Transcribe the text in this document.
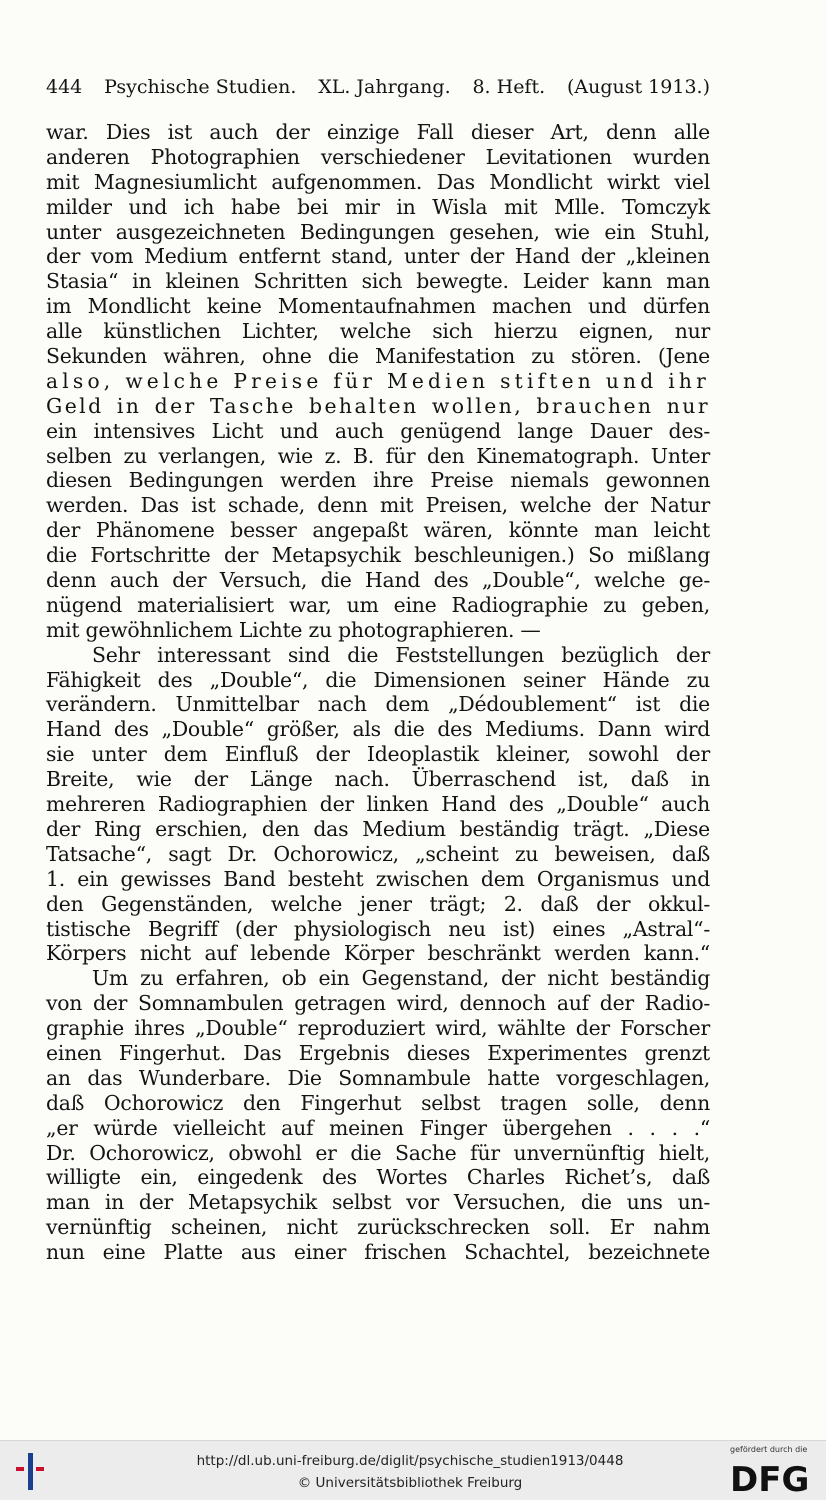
444 Psychische Studien. XL. Jahrgang. 8. Heft. (August 1913.)
war. Dies ist auch der einzige Fall dieser Art, denn alle
anderen Photographien verschiedener Levitationen wurden
mit Magnesiumlicht aufgenommen. Das Mondlicht wirkt viel
milder und ich habe bei mir in Wisla mit Mlle. Tomczyk
unter ausgezeichneten Bedingungen gesehen, wie ein Stuhl,
der vom Medium entfernt stand, unter der Hand der „kleinen
Stasia“ in kleinen Schritten sich bewegte. Leider kann man
im Mondlicht keine Momentaufnahmen machen und dürfen
alle künstlichen Lichter, welche sich hierzu eignen, nur
Sekunden währen, ohne die Manifestation zu stören. (Jene
also, welche Preise für Medien stiften und ihr
Geld in der Tasche behalten wollen, brauchen nur
ein intensives Licht und auch genügend lange Dauer des-
selben zu verlangen, wie z. B. für den Kinematograph. Unter
diesen Bedingungen werden ihre Preise niemals gewonnen
werden. Das ist schade, denn mit Preisen, welche der Natur
der Phänomene besser angepaßt wären, könnte man leicht
die Fortschritte der Metapsychik beschleunigen.) So mißlang
denn auch der Versuch, die Hand des „Double“, welche ge-
nügend materialisiert war, um eine Radiographie zu geben,
mit gewöhnlichem Lichte zu photographieren. —
Sehr interessant sind die Feststellungen bezüglich der
Fähigkeit des „Double“, die Dimensionen seiner Hände zu
verändern. Unmittelbar nach dem „Dédoublement“ ist die
Hand des „Double“ größer, als die des Mediums. Dann wird
sie unter dem Einfluß der Ideoplastik kleiner, sowohl der
Breite, wie der Länge nach. Überraschend ist, daß in
mehreren Radiographien der linken Hand des „Double“ auch
der Ring erschien, den das Medium beständig trägt. „Diese
Tatsache“, sagt Dr. Ochorowicz, „scheint zu beweisen, daß
1. ein gewisses Band besteht zwischen dem Organismus und
den Gegenständen, welche jener trägt; 2. daß der okkul-
tistische Begriff (der physiologisch neu ist) eines „Astral“-
Körpers nicht auf lebende Körper beschränkt werden kann.“
Um zu erfahren, ob ein Gegenstand, der nicht beständig
von der Somnambulen getragen wird, dennoch auf der Radio-
graphie ihres „Double“ reproduziert wird, wählte der Forscher
einen Fingerhut. Das Ergebnis dieses Experimentes grenzt
an das Wunderbare. Die Somnambule hatte vorgeschlagen,
daß Ochorowicz den Fingerhut selbst tragen solle, denn
„er würde vielleicht auf meinen Finger übergehen . . . .“
Dr. Ochorowicz, obwohl er die Sache für unvernünftig hielt,
willigte ein, eingedenk des Wortes Charles Richet’s, daß
man in der Metapsychik selbst vor Versuchen, die uns un-
vernünftig scheinen, nicht zurückschrecken soll. Er nahm
nun eine Platte aus einer frischen Schachtel, bezeichnete
http://dl.ub.uni-freiburg.de/diglit/psychische_studien1913/0448
© Universitätsbibliothek Freiburg
gefördert durch die
DFG
